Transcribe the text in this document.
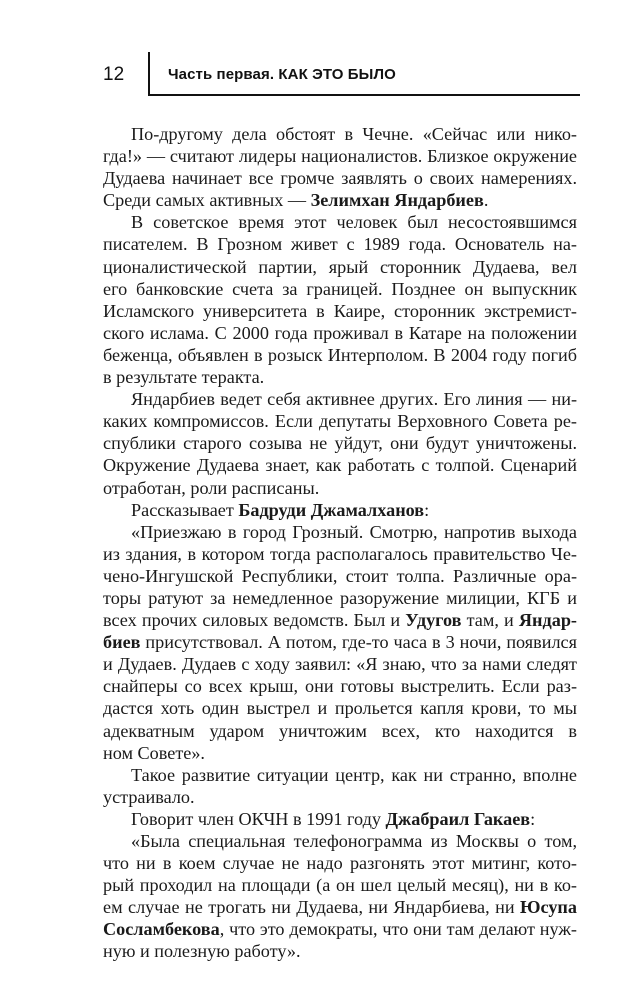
12	Часть первая. КАК ЭТО БЫЛО
По-другому дела обстоят в Чечне. «Сейчас или нико-
гда!» — считают лидеры националистов. Близкое окружение
Дудаева начинает все громче заявлять о своих намерениях.
Среди самых активных — Зелимхан Яндарбиев.
В советское время этот человек был несостоявшимся
писателем. В Грозном живет с 1989 года. Основатель на-
ционалистической партии, ярый сторонник Дудаева, вел
его банковские счета за границей. Позднее он выпускник
Исламского университета в Каире, сторонник экстремист-
ского ислама. С 2000 года проживал в Катаре на положении
беженца, объявлен в розыск Интерполом. В 2004 году погиб
в результате теракта.
Яндарбиев ведет себя активнее других. Его линия — ни-
каких компромиссов. Если депутаты Верховного Совета ре-
спублики старого созыва не уйдут, они будут уничтожены.
Окружение Дудаева знает, как работать с толпой. Сценарий
отработан, роли расписаны.
Рассказывает Бадруди Джамалханов:
«Приезжаю в город Грозный. Смотрю, напротив выхода
из здания, в котором тогда располагалось правительство Че-
чено-Ингушской Республики, стоит толпа. Различные ора-
торы ратуют за немедленное разоружение милиции, КГБ и
всех прочих силовых ведомств. Был и Удугов там, и Яндар-
биев присутствовал. А потом, где-то часа в 3 ночи, появился
и Дудаев. Дудаев с ходу заявил: «Я знаю, что за нами следят
снайперы со всех крыш, они готовы выстрелить. Если раз-
дастся хоть один выстрел и прольется капля крови, то мы
адекватным ударом уничтожим всех, кто находится в
ном Совете».
Такое развитие ситуации центр, как ни странно, вполне
устраивало.
Говорит член ОКЧН в 1991 году Джабраил Гакаев:
«Была специальная телефонограмма из Москвы о том,
что ни в коем случае не надо разгонять этот митинг, кото-
рый проходил на площади (а он шел целый месяц), ни в ко-
ем случае не трогать ни Дудаева, ни Яндарбиева, ни Юсупа
Сосламбекова, что это демократы, что они там делают нуж-
ную и полезную работу».
